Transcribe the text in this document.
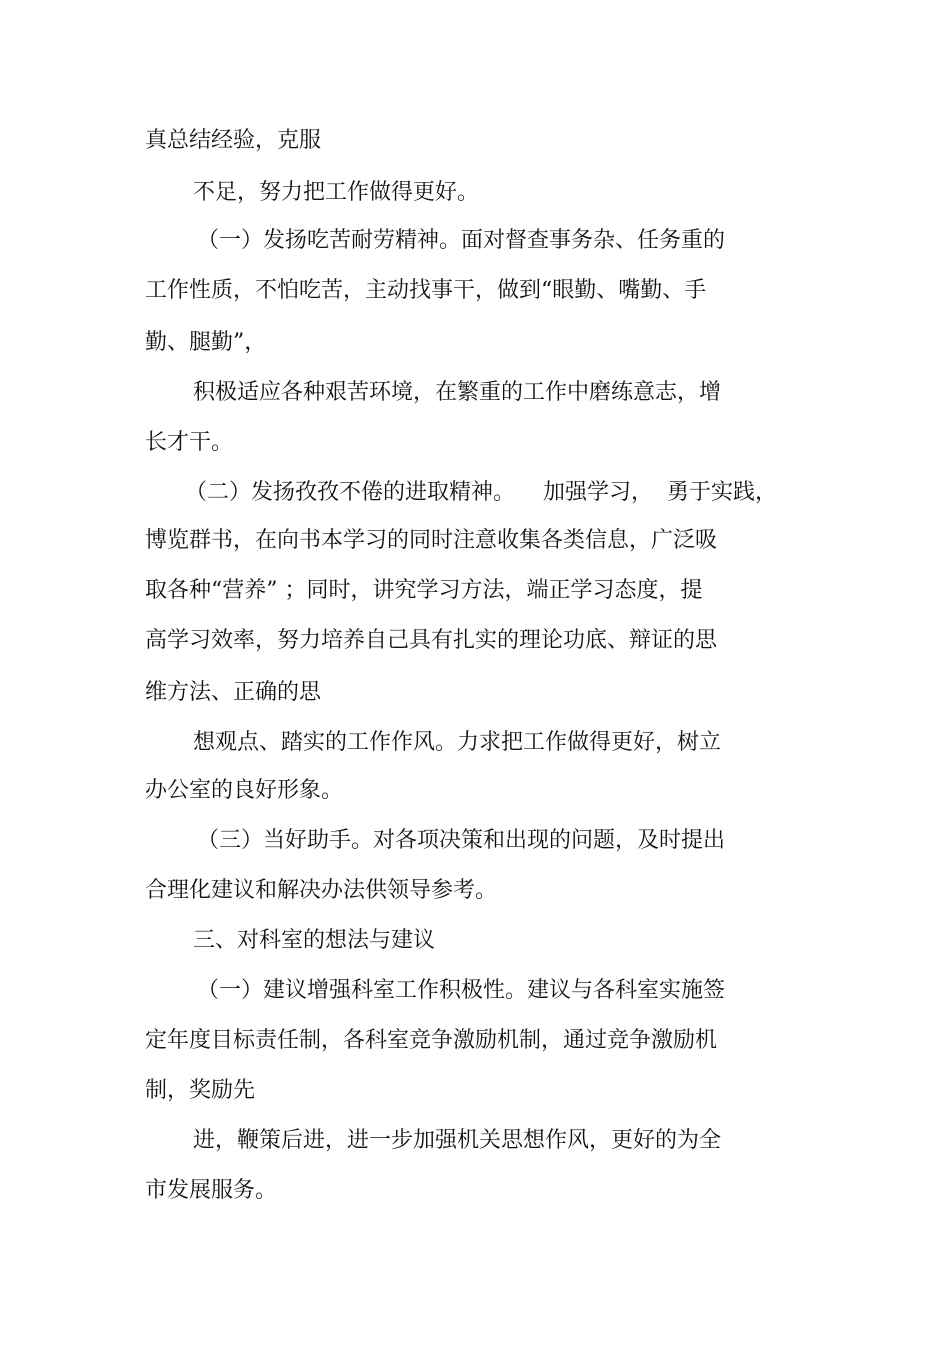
真总结经验，克服
不足，努力把工作做得更好。
（一）发扬吃苦耐劳精神。面对督查事务杂、任务重的
工作性质，不怕吃苦，主动找事干，做到“眼勤、嘴勤、手
勤、腿勤”，
积极适应各种艰苦环境，在繁重的工作中磨练意志，增
长才干。
（二）发扬孜孜不倦的进取精神。    加强学习，  勇于实践，
博览群书，在向书本学习的同时注意收集各类信息，广泛吸
取各种“营养” ；同时，讲究学习方法，端正学习态度，提
高学习效率，努力培养自己具有扎实的理论功底、辩证的思
维方法、正确的思
想观点、踏实的工作作风。力求把工作做得更好，树立
办公室的良好形象。
（三）当好助手。对各项决策和出现的问题，及时提出
合理化建议和解决办法供领导参考。
三、对科室的想法与建议
（一）建议增强科室工作积极性。建议与各科室实施签
定年度目标责任制，各科室竞争激励机制，通过竞争激励机
制，奖励先
进，鞭策后进，进一步加强机关思想作风，更好的为全
市发展服务。
